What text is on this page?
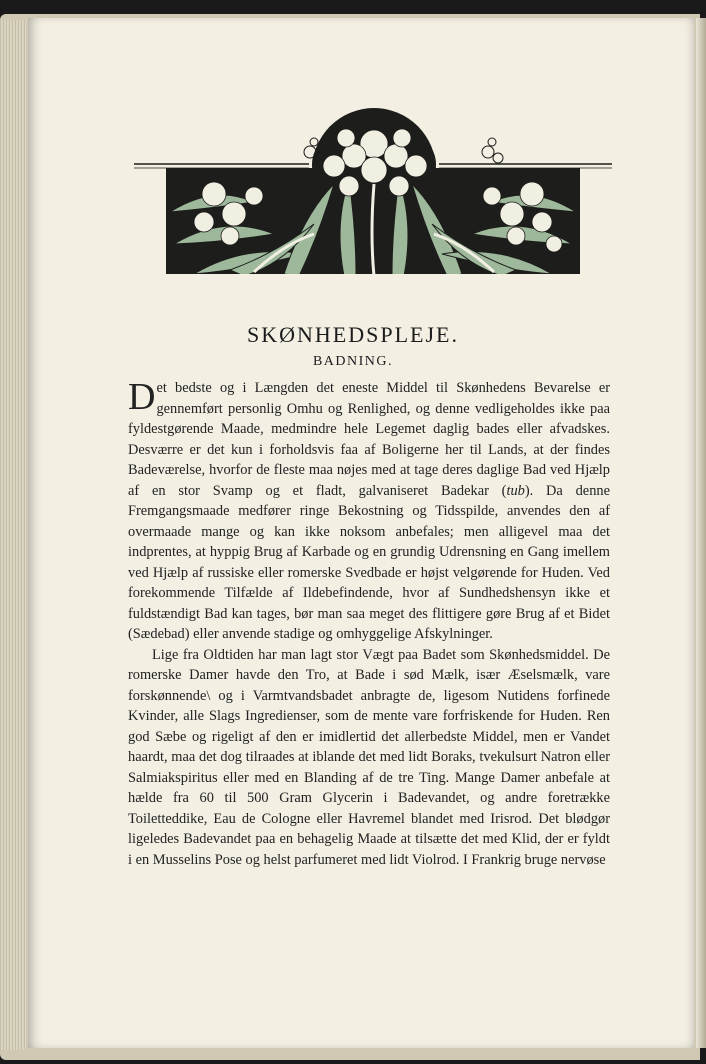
SKØNHEDSPLEJE.
BADNING.

Det bedste og i Længden det eneste Middel til Skønhedens Bevarelse er gennemført personlig Omhu og Renlighed, og denne vedligeholdes ikke paa fyldestgørende Maade, medmindre hele Legemet daglig bades eller afvadskes. Desværre er det kun i forholdsvis faa af Boligerne her til Lands, at der findes Badeværelse, hvorfor de fleste maa nøjes med at tage deres daglige Bad ved Hjælp af en stor Svamp og et fladt, galvaniseret Badekar (tub). Da denne Fremgangsmaade medfører ringe Bekostning og Tidsspilde, anvendes den af overmaade mange og kan ikke noksom anbefales; men alligevel maa det indprentes, at hyppig Brug af Karbade og en grundig Udrensning en Gang imellem ved Hjælp af russiske eller romerske Svedbade er højst velgørende for Huden. Ved forekommende Tilfælde af Ildebefindende, hvor af Sundhedshensyn ikke et fuldstændigt Bad kan tages, bør man saa meget des flittigere gøre Brug af et Bidet (Sædebad) eller anvende stadige og omhyggelige Afskylninger.

Lige fra Oldtiden har man lagt stor Vægt paa Badet som Skønhedsmiddel. De romerske Damer havde den Tro, at Bade i sød Mælk, især Æselsmælk, vare forskønnende\ og i Varmtvandsbadet anbragte de, ligesom Nutidens forfinede Kvinder, alle Slags Ingredienser, som de mente vare forfriskende for Huden. Ren god Sæbe og rigeligt af den er imidlertid det allerbedste Middel, men er Vandet haardt, maa det dog tilraades at iblande det med lidt Boraks, tvekulsurt Natron eller Salmiakspiritus eller med en Blanding af de tre Ting. Mange Damer anbefale at hælde fra 60 til 500 Gram Glycerin i Badevandet, og andre foretrække Toiletteddike, Eau de Cologne eller Havremel blandet med Irisrod. Det blødgør ligeledes Badevandet paa en behagelig Maade at tilsætte det med Klid, der er fyldt i en Musselins Pose og helst parfumeret med lidt Violrod. I Frankrig bruge nervøse
